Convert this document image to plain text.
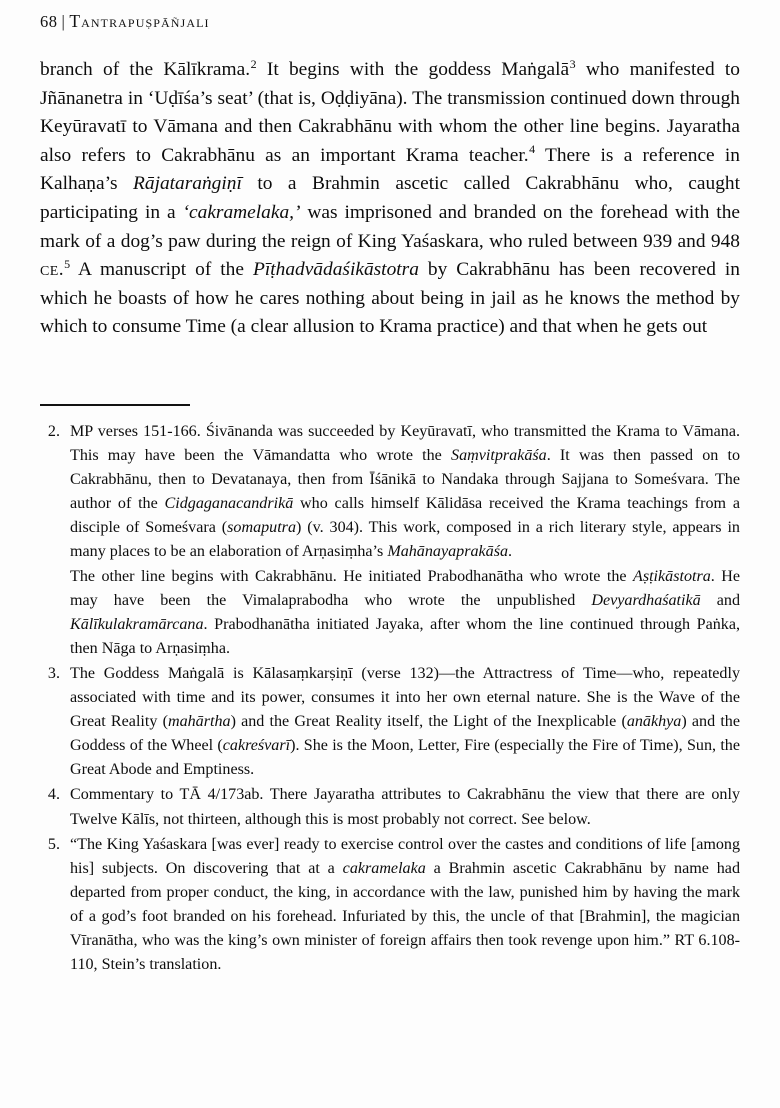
68 | Tantrapuṣpāñjali

branch of the Kālīkrama.$^2$ It begins with the goddess Maṅgalā$^3$ who manifested to Jñānanetra in ‘Uḍīśa’s seat’ (that is, Oḍḍiyāna). The transmission continued down through Keyūravatī to Vāmana and then Cakrabhānu with whom the other line begins. Jayaratha also refers to Cakrabhānu as an important Krama teacher.$^4$ There is a reference in Kalhaṇa’s Rājataraṅgiṇī to a Brahmin ascetic called Cakrabhānu who, caught participating in a ‘cakramelaka,’ was imprisoned and branded on the forehead with the mark of a dog’s paw during the reign of King Yaśaskara, who ruled between 939 and 948 ce.$^5$ A manuscript of the Pīṭhadvādaśikāstotra by Cakrabhānu has been recovered in which he boasts of how he cares nothing about being in jail as he knows the method by which to consume Time (a clear allusion to Krama practice) and that when he gets out

2. MP verses 151-166. Śivānanda was succeeded by Keyūravatī, who transmitted the Krama to Vāmana. This may have been the Vāmandatta who wrote the Saṃvitprakāśa. It was then passed on to Cakrabhānu, then to Devatanaya, then from Īśānikā to Nandaka through Sajjana to Someśvara. The author of the Cidgaganacandrikā who calls himself Kālidāsa received the Krama teachings from a disciple of Someśvara (somaputra) (v. 304). This work, composed in a rich literary style, appears in many places to be an elaboration of Arṇasiṃha’s Mahānayaprakāśa.

The other line begins with Cakrabhānu. He initiated Prabodhanātha who wrote the Aṣṭikāstotra. He may have been the Vimalaprabodha who wrote the unpublished Devyardhaśatikā and Kālīkulakramārcana. Prabodhanātha initiated Jayaka, after whom the line continued through Paṅka, then Nāga to Arṇasiṃha.

3. The Goddess Maṅgalā is Kālasaṃkarṣiṇī (verse 132)—the Attractress of Time—who, repeatedly associated with time and its power, consumes it into her own eternal nature. She is the Wave of the Great Reality (mahārtha) and the Great Reality itself, the Light of the Inexplicable (anākhya) and the Goddess of the Wheel (cakreśvarī). She is the Moon, Letter, Fire (especially the Fire of Time), Sun, the Great Abode and Emptiness.

4. Commentary to TĀ 4/173ab. There Jayaratha attributes to Cakrabhānu the view that there are only Twelve Kālīs, not thirteen, although this is most probably not correct. See below.

5. “The King Yaśaskara [was ever] ready to exercise control over the castes and conditions of life [among his] subjects. On discovering that at a cakramelaka a Brahmin ascetic Cakrabhānu by name had departed from proper conduct, the king, in accordance with the law, punished him by having the mark of a god’s foot branded on his forehead. Infuriated by this, the uncle of that [Brahmin], the magician Vīranātha, who was the king’s own minister of foreign affairs then took revenge upon him.” RT 6.108-110, Stein’s translation.
